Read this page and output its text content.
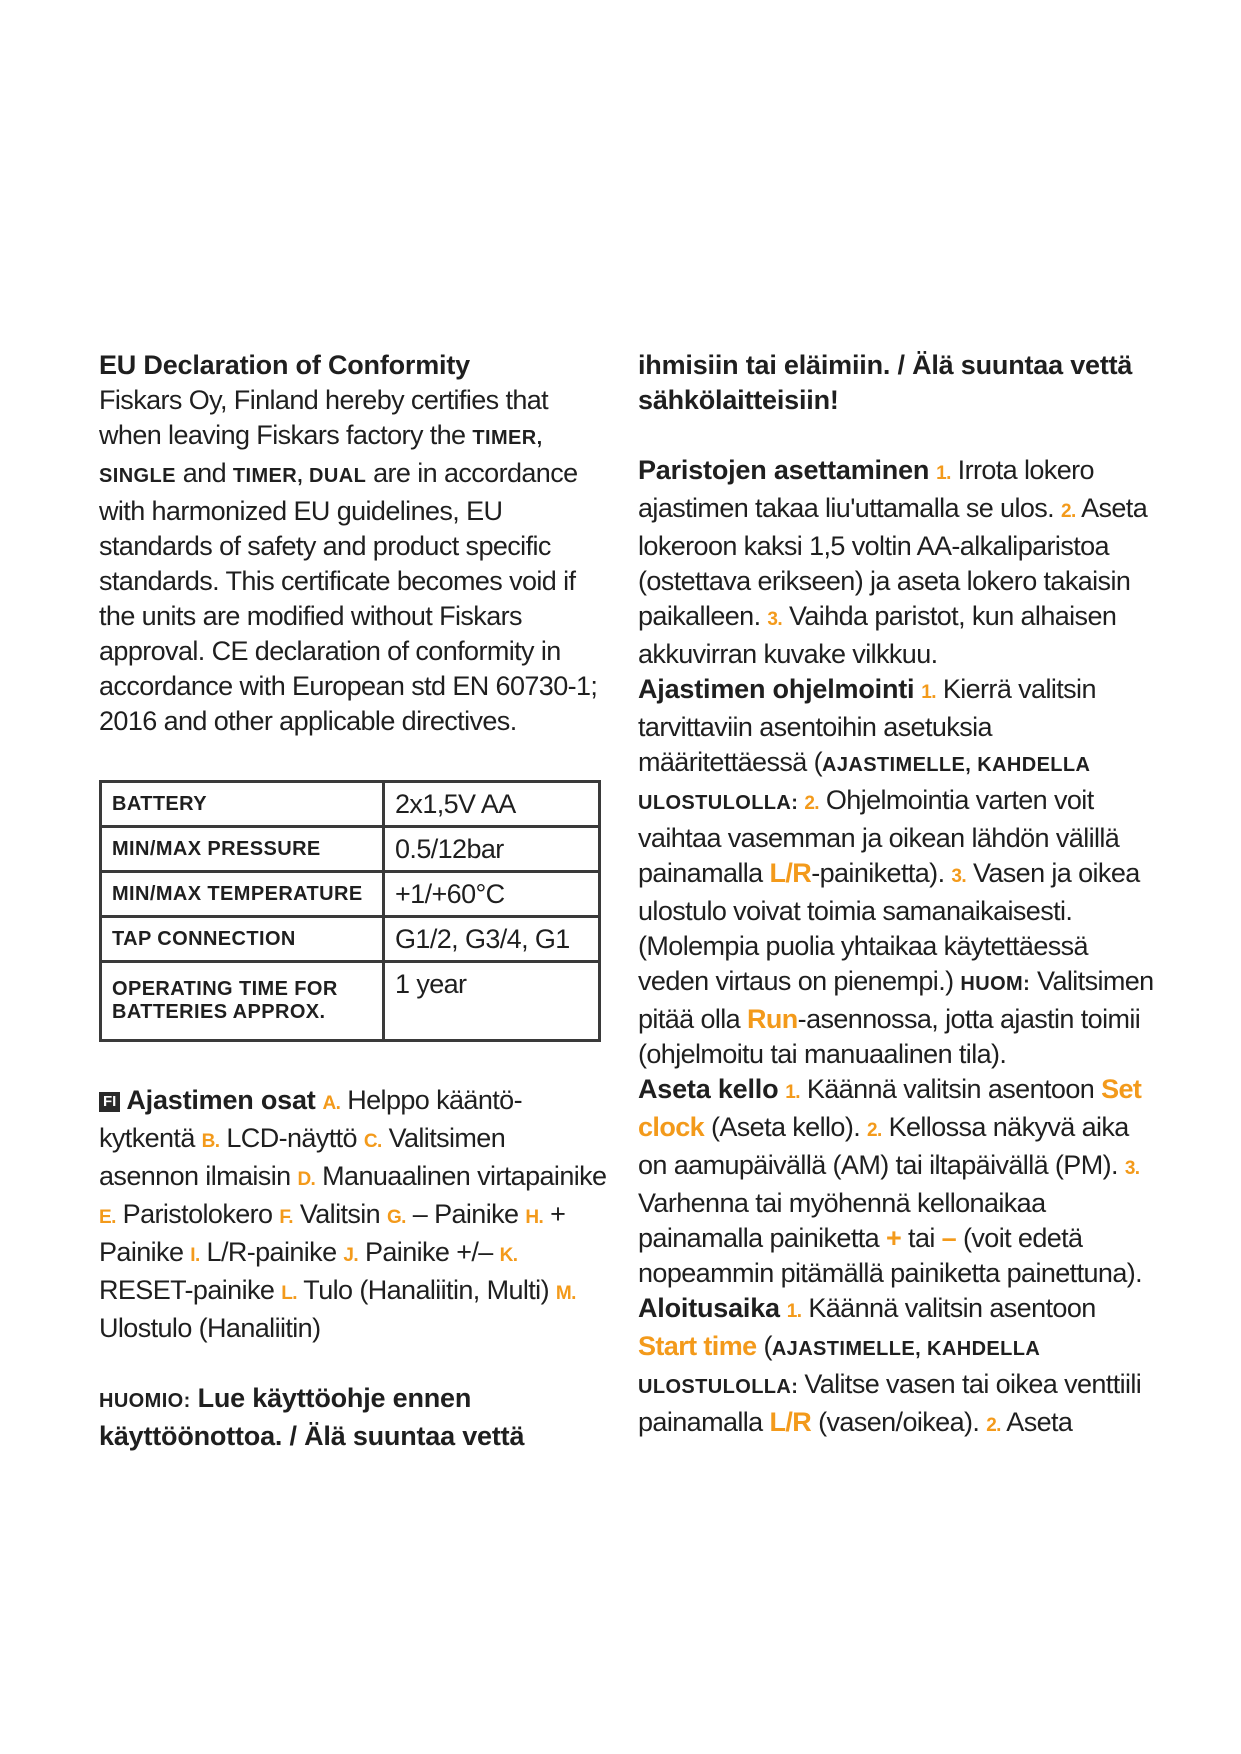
EU Declaration of Conformity
Fiskars Oy, Finland hereby certifies that when leaving Fiskars factory the TIMER, SINGLE and TIMER, DUAL are in accordance with harmonized EU guidelines, EU standards of safety and product specific standards. This certificate becomes void if the units are modified without Fiskars approval. CE declaration of conformity in accordance with European std EN 60730-1; 2016 and other applicable directives.

BATTERY	2x1,5V AA
MIN/MAX PRESSURE	0.5/12bar
MIN/MAX TEMPERATURE	+1/+60°C
TAP CONNECTION	G1/2, G3/4, G1
OPERATING TIME FOR BATTERIES APPROX.	1 year

FI Ajastimen osat A. Helppo kääntökytkentä B. LCD-näyttö C. Valitsimen asennon ilmaisin D. Manuaalinen virtapainike E. Paristolokero F. Valitsin G. – Painike H. + Painike I. L/R-painike J. Painike +/– K. RESET-painike L. Tulo (Hanaliitin, Multi) M. Ulostulo (Hanaliitin)

HUOMIO: Lue käyttöohje ennen käyttöönottoa. / Älä suuntaa vettä

ihmisiin tai eläimiin. / Älä suuntaa vettä sähkölaitteisiin!

Paristojen asettaminen 1. Irrota lokero ajastimen takaa liu'uttamalla se ulos. 2. Aseta lokeroon kaksi 1,5 voltin AA-alkaliparistoa (ostettava erikseen) ja aseta lokero takaisin paikalleen. 3. Vaihda paristot, kun alhaisen akkuvirran kuvake vilkkuu.

Ajastimen ohjelmointi 1. Kierrä valitsin tarvittaviin asentoihin asetuksia määritettäessä (AJASTIMELLE, KAHDELLA ULOSTULOLLA: 2. Ohjelmointia varten voit vaihtaa vasemman ja oikean lähdön välillä painamalla L/R-painiketta). 3. Vasen ja oikea ulostulo voivat toimia samanaikaisesti. (Molempia puolia yhtaikaa käytettäessä veden virtaus on pienempi.) HUOM: Valitsimen pitää olla Run-asennossa, jotta ajastin toimii (ohjelmoitu tai manuaalinen tila).

Aseta kello 1. Käännä valitsin asentoon Set clock (Aseta kello). 2. Kellossa näkyvä aika on aamupäivällä (AM) tai iltapäivällä (PM). 3. Varhenna tai myöhennä kellonaikaa painamalla painiketta + tai – (voit edetä nopeammin pitämällä painiketta painettuna).

Aloitusaika 1. Käännä valitsin asentoon Start time (AJASTIMELLE, KAHDELLA ULOSTULOLLA: Valitse vasen tai oikea venttiili painamalla L/R (vasen/oikea). 2. Aseta
